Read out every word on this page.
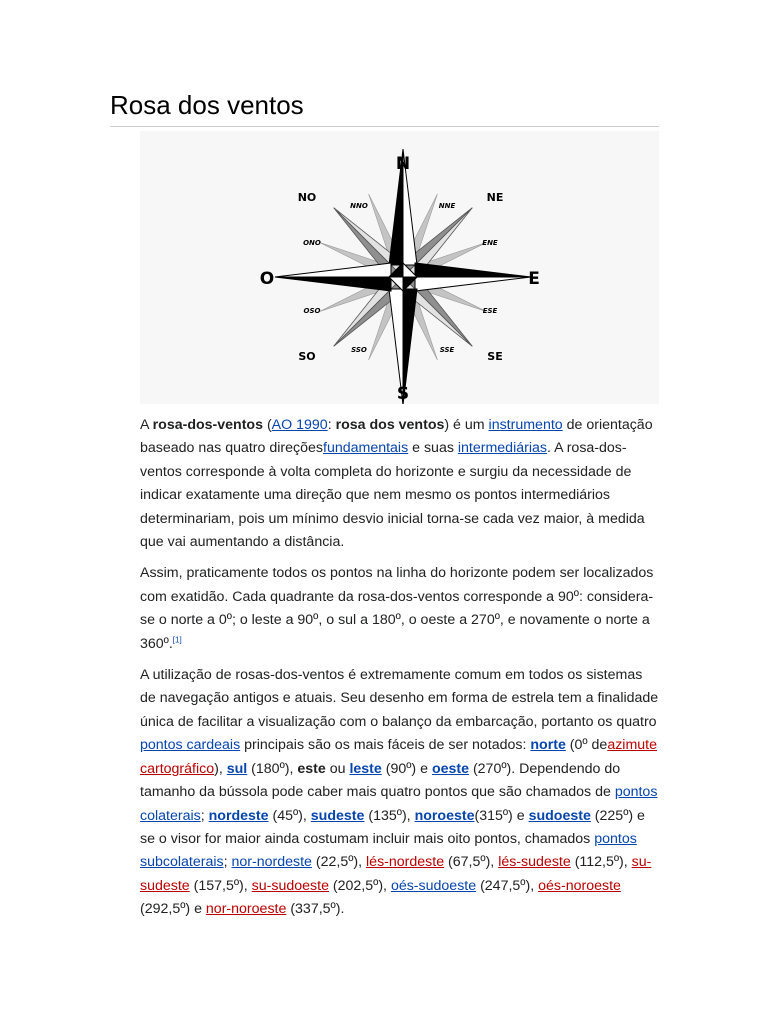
Rosa dos ventos
N
S
E
O
NO	NE
SO	SE
NNO	NNE
ONO	ENE
OSO	ESE
SSO	SSE

A rosa-dos-ventos (AO 1990: rosa dos ventos) é um instrumento de orientação baseado nas quatro direçõesfundamentais e suas intermediárias. A rosa-dos-ventos corresponde à volta completa do horizonte e surgiu da necessidade de indicar exatamente uma direção que nem mesmo os pontos intermediários determinariam, pois um mínimo desvio inicial torna-se cada vez maior, à medida que vai aumentando a distância.

Assim, praticamente todos os pontos na linha do horizonte podem ser localizados com exatidão. Cada quadrante da rosa-dos-ventos corresponde a 90º: considera-se o norte a 0º; o leste a 90º, o sul a 180º, o oeste a 270º, e novamente o norte a 360º.[1]

A utilização de rosas-dos-ventos é extremamente comum em todos os sistemas de navegação antigos e atuais. Seu desenho em forma de estrela tem a finalidade única de facilitar a visualização com o balanço da embarcação, portanto os quatro pontos cardeais principais são os mais fáceis de ser notados: norte (0º deazimute cartográfico), sul (180º), este ou leste (90º) e oeste (270º). Dependendo do tamanho da bússola pode caber mais quatro pontos que são chamados de pontos colaterais; nordeste (45º), sudeste (135º), noroeste(315º) e sudoeste (225º) e se o visor for maior ainda costumam incluir mais oito pontos, chamados pontos subcolaterais; nor-nordeste (22,5º), lés-nordeste (67,5º), lés-sudeste (112,5º), su-sudeste (157,5º), su-sudoeste (202,5º), oés-sudoeste (247,5º), oés-noroeste (292,5º) e nor-noroeste (337,5º).
